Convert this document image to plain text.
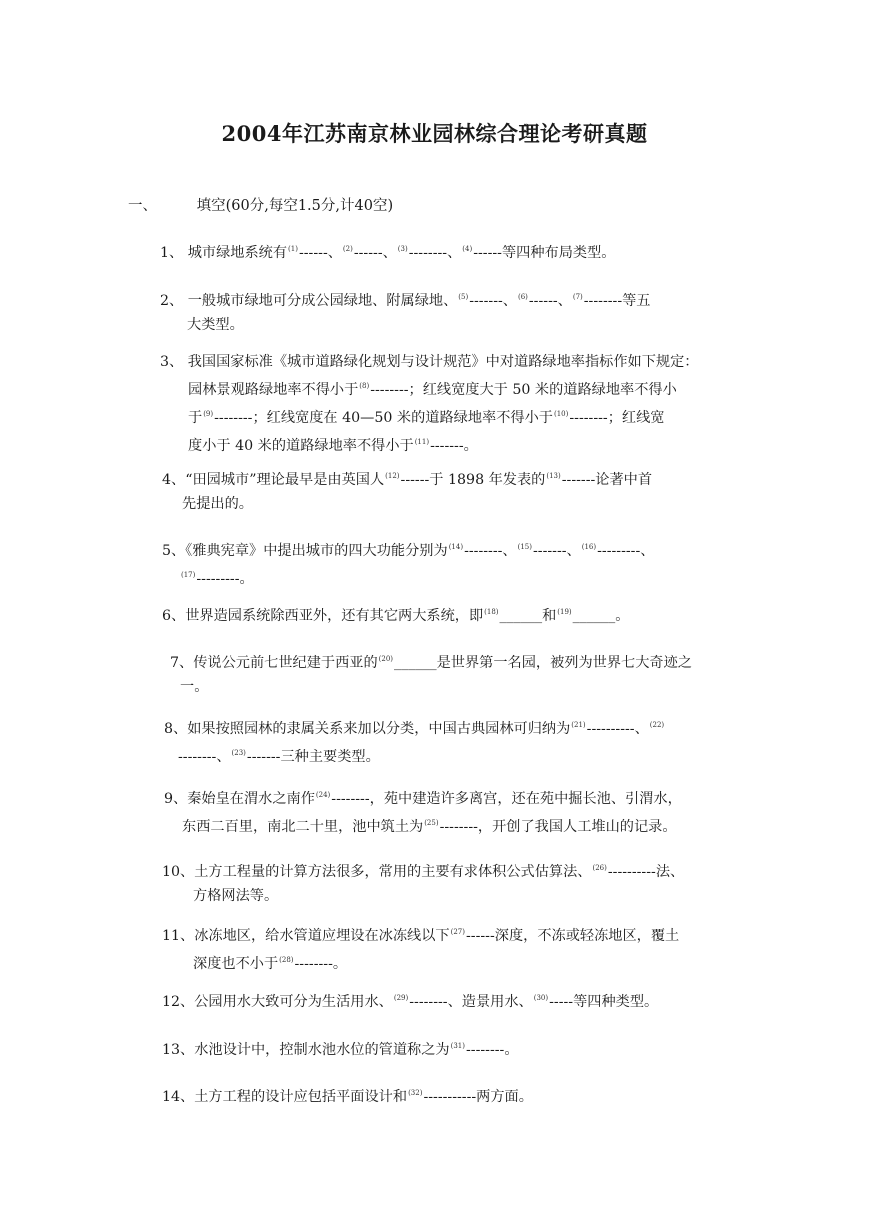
2004年江苏南京林业园林综合理论考研真题
一、	填空(60分,每空1.5分,计40空)
1、 城市绿地系统有$^{(1)}$------、$^{(2)}$------、$^{(3)}$--------、$^{(4)}$------等四种布局类型。
2、 一般城市绿地可分成公园绿地、附属绿地、$^{(5)}$-------、$^{(6)}$------、$^{(7)}$--------等五
大类型。
3、 我国国家标准《城市道路绿化规划与设计规范》中对道路绿地率指标作如下规定：
园林景观路绿地率不得小于$^{(8)}$--------；红线宽度大于 50 米的道路绿地率不得小
于$^{(9)}$--------；红线宽度在 40—50 米的道路绿地率不得小于$^{(10)}$--------；红线宽
度小于 40 米的道路绿地率不得小于$^{(11)}$-------。
4、“田园城市”理论最早是由英国人$^{(12)}$------于 1898 年发表的$^{(13)}$-------论著中首
先提出的。
5、《雅典宪章》中提出城市的四大功能分别为$^{(14)}$--------、$^{(15)}$-------、$^{(16)}$---------、
$^{(17)}$---------。
6、世界造园系统除西亚外，还有其它两大系统，即$^{(18)}$______和$^{(19)}$______。
7、传说公元前七世纪建于西亚的$^{(20)}$______是世界第一名园，被列为世界七大奇迹之
一。
8、如果按照园林的隶属关系来加以分类，中国古典园林可归纳为$^{(21)}$----------、$^{(22)}$
--------、$^{(23)}$-------三种主要类型。
9、秦始皇在渭水之南作$^{(24)}$--------，苑中建造许多离宫，还在苑中掘长池、引渭水，
东西二百里，南北二十里，池中筑土为$^{(25)}$--------，开创了我国人工堆山的记录。
10、土方工程量的计算方法很多，常用的主要有求体积公式估算法、$^{(26)}$----------法、
方格网法等。
11、冰冻地区，给水管道应埋设在冰冻线以下$^{(27)}$------深度，不冻或轻冻地区，覆土
深度也不小于$^{(28)}$--------。
12、公园用水大致可分为生活用水、$^{(29)}$--------、造景用水、$^{(30)}$-----等四种类型。
13、水池设计中，控制水池水位的管道称之为$^{(31)}$--------。
14、土方工程的设计应包括平面设计和$^{(32)}$-----------两方面。
